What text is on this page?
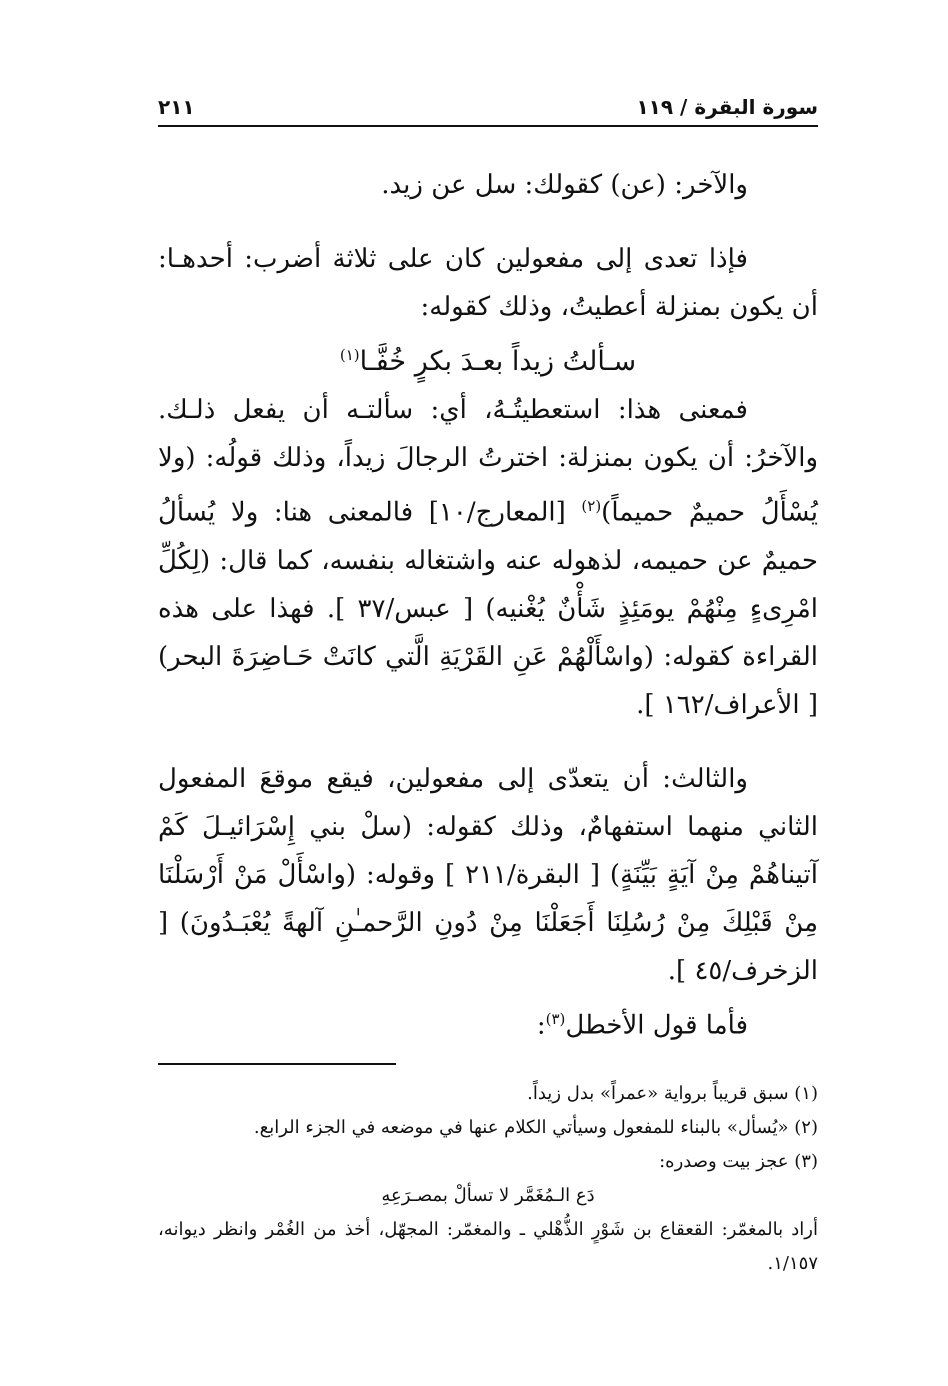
سورة البقرة / ١١٩
٢١١

والآخر: (عن) كقولك: سل عن زيد.

فإذا تعدى إلى مفعولين كان على ثلاثة أضرب: أحدهـا: أن يكون بمنزلة أعطيتُ، وذلك كقوله:

سـألتُ زيداً بعـدَ بكرٍ خُفَّـا$^{(١)}$

فمعنى هذا: استعطيتُـهُ، أي: سألتـه أن يفعل ذلـك. والآخرُ: أن يكون بمنزلة: اخترتُ الرجالَ زيداً، وذلك قولُه: (ولا يُسْأَلُ حميمٌ حميماً)$^{(٢)}$ [المعارج/١٠] فالمعنى هنا: ولا يُسألُ حميمٌ عن حميمه، لذهوله عنه واشتغاله بنفسه، كما قال: (لِكُلِّ امْرِىءٍ مِنْهُمْ يومَئِذٍ شَأْنٌ يُغْنيه) [ عبس/٣٧ ]. فهذا على هذه القراءة كقوله: (واسْأَلْهُمْ عَنِ القَرْيَةِ الَّتي كانَتْ حَـاضِرَةَ البحر) [ الأعراف/١٦٢ ].

والثالث: أن يتعدّى إلى مفعولين، فيقع موقعَ المفعول الثاني منهما استفهامٌ، وذلك كقوله: (سلْ بني إِسْرَائيـلَ كَمْ آتيناهُمْ مِنْ آيَةٍ بَيِّنَةٍ) [ البقرة/٢١١ ] وقوله: (واسْأَلْ مَنْ أَرْسَلْنَا مِنْ قَبْلِكَ مِنْ رُسُلِنَا أَجَعَلْنَا مِنْ دُونِ الرَّحمـٰنِ آلهةً يُعْبَـدُونَ) [ الزخرف/٤٥ ].

فأما قول الأخطل$^{(٣)}$:

(١) سبق قريباً برواية «عمراً» بدل زيداً.

(٢) «يُسأل» بالبناء للمفعول وسيأتي الكلام عنها في موضعه في الجزء الرابع.

(٣) عجز بيت وصدره:

دَع الـمُغَمَّر لا تسألْ بمصـرَعِهِ

أراد بالمغمّر: القعقاع بن شَوْرٍ الذُّهْلي ـ والمغمّر: المجهّل، أخذ من الغُمْر وانظر ديوانه، ١/١٥٧.
